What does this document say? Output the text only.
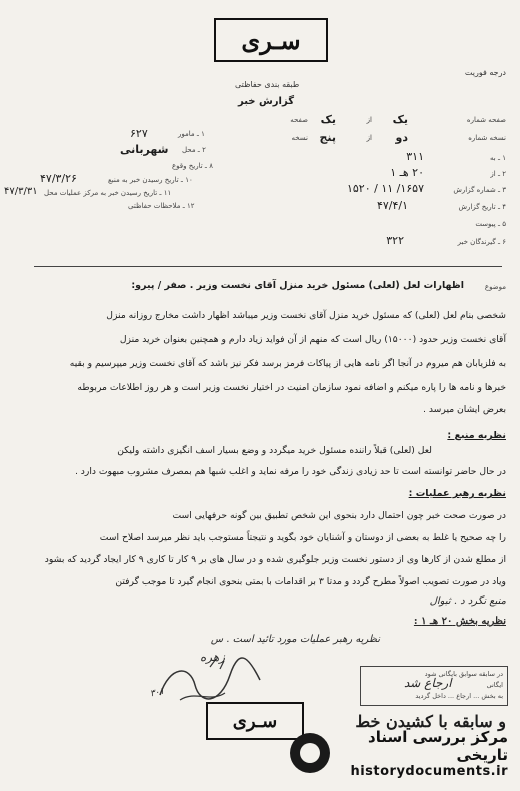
سـری
درجه فوریت
طبقه بندی حفاظتی
گزارش خبر
صفحه شماره
یک
از
یک
صفحه
نسخه شماره
دو
از
پنج
نسخه
۱ ـ مامور
۶۲۷
۲ ـ محل
شهربانی
۸ ـ تاریخ وقوع
۱۰ ـ تاریخ رسیدن خبر به منبع
۴۷/۳/۲۶
۱۱ ـ تاریخ رسیدن خبر به مرکز عملیات محل
۴۷/۳/۳۱
۱۲ ـ ملاحظات حفاظتی
۱ ـ به
۳۱۱
۲ ـ از
۲۰ هـ ۱
۳ ـ شماره گزارش
۱۶۵۷/ ۱۱ / ۱۵۲۰
۴ ـ تاریخ گزارش
۴۷/۴/۱
۵ ـ پیوست
۶ ـ گیرندگان خبر
۳۲۲
موضوع
اظهارات لعل (لعلی) مسئول خرید منزل آقای نخست وزیر . صفر / پیرو:
شخصی بنام لعل (لعلی) که مسئول خرید منزل آقای نخست وزیر میباشد اظهار داشت مخارج روزانه منزل
آقای نخست وزیر حدود (۱۵۰۰۰) ریال است که منهم از آن فواید زیاد دارم و همچنین بعنوان خرید منزل
به فلزیابان هم میروم در آنجا اگر نامه هایی از پیاکات فرمز برسد فکر نیز باشد که آقای نخست وزیر میپرسیم و بقیه
خبرها و نامه ها را پاره میکنم و اضافه نمود سازمان امنیت در اختیار نخست وزیر است و هر روز اطلاعات مربوطه
بعرض ایشان میرسد .
نظریه منبع :
لعل (لعلی) قبلاً راننده مسئول خرید میگردد و وضع بسیار اسف انگیزی داشته ولیکن
در حال حاضر توانسته است تا حد زیادی زندگی خود را مرفه نماید و اغلب شبها هم بمصرف مشروب مبهوت دارد .
نظریه رهبر عملیات :
در صورت صحت خبر چون احتمال دارد بنحوی این شخص تطبیق بین گونه حرفهایی است
را چه صحیح یا غلط به بعضی از دوستان و آشنایان خود بگوید و نتیجتاً مستوجب باید نظر میرسد اصلاح است
از مطلع شدن از کارها وی از دستور نخست وزیر جلوگیری شده و در سال های بر ۹ کار تا کاری ۹ کار ایجاد گردید که بشود
ویاد در صورت تصویب اصولاً مطرح گردد و مدتا ۳ بر اقدامات با بمتی بنحوی انجام گیرد تا موجب گرفتن
منبع نگرد د . ثبوال
نظریه بخش ۲۰ هـ ۱ :
نظریه رهبر عملیات مورد تائید است . س
زهره
۳۰۱
سـری
در سابقه سوابق بایگانی شود
ایگانی
به بخش ... ارجاع ... داخل گردید
ارجاع شد
و سابقه با کشیدن خط
مرکز بررسی اسناد تاریخی
historydocuments.ir
